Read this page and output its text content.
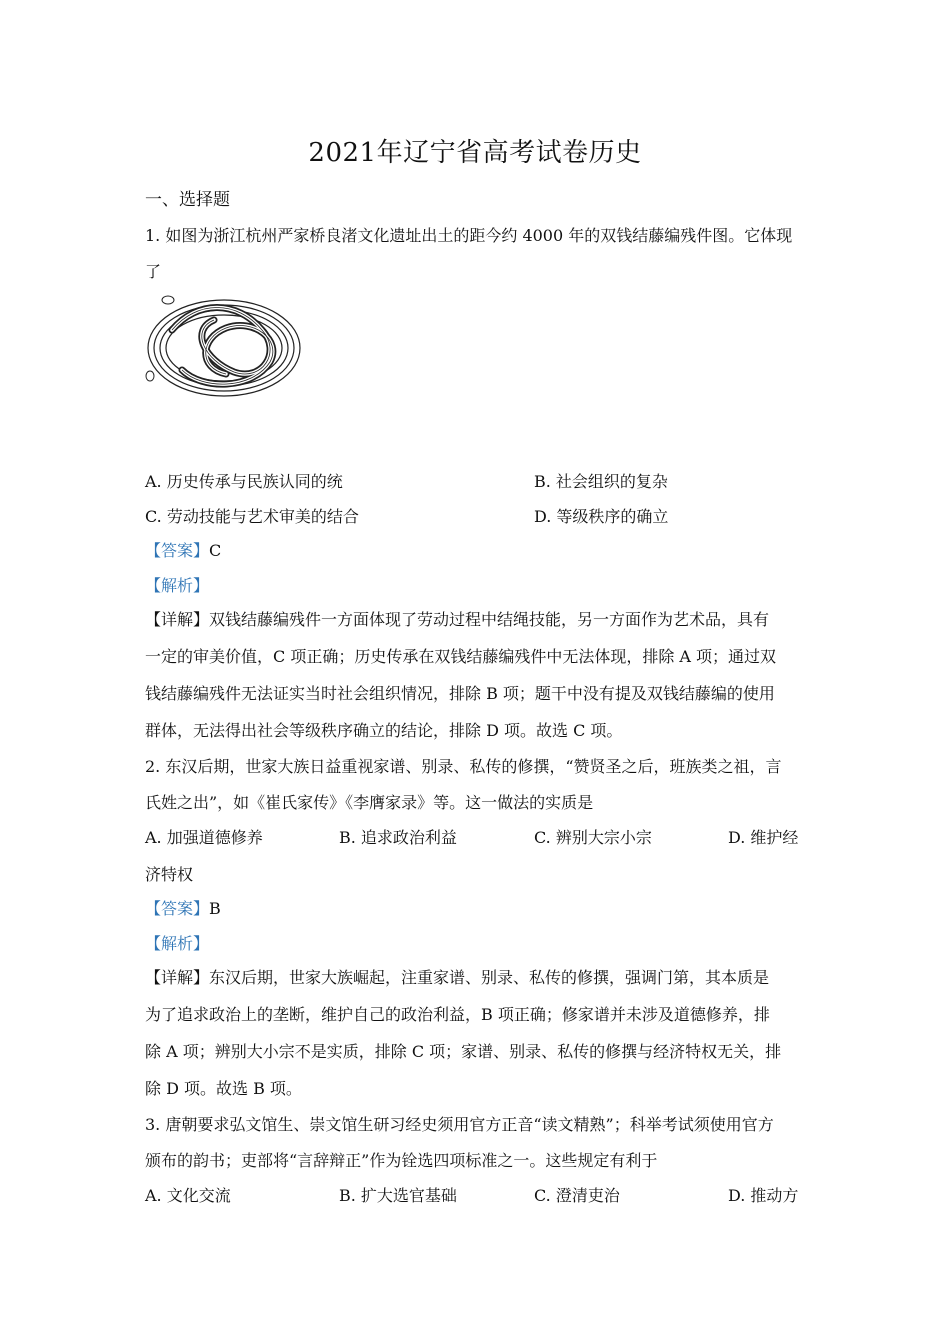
2021年辽宁省高考试卷历史
一、选择题
1. 如图为浙江杭州严家桥良渚文化遗址出土的距今约 4000 年的双钱结藤编残件图。它体现
了
A. 历史传承与民族认同的统	B. 社会组织的复杂
C. 劳动技能与艺术审美的结合	D. 等级秩序的确立
【答案】C
【解析】
【详解】双钱结藤编残件一方面体现了劳动过程中结绳技能，另一方面作为艺术品，具有
一定的审美价值，C 项正确；历史传承在双钱结藤编残件中无法体现，排除 A 项；通过双
钱结藤编残件无法证实当时社会组织情况，排除 B 项；题干中没有提及双钱结藤编的使用
群体，无法得出社会等级秩序确立的结论，排除 D 项。故选 C 项。
2. 东汉后期，世家大族日益重视家谱、别录、私传的修撰，“赞贤圣之后，班族类之祖，言
氏姓之出”，如《崔氏家传》《李膺家录》等。这一做法的实质是
A. 加强道德修养	B. 追求政治利益	C. 辨别大宗小宗	D. 维护经
济特权
【答案】B
【解析】
【详解】东汉后期，世家大族崛起，注重家谱、别录、私传的修撰，强调门第，其本质是
为了追求政治上的垄断，维护自己的政治利益，B 项正确；修家谱并未涉及道德修养，排
除 A 项；辨别大小宗不是实质，排除 C 项；家谱、别录、私传的修撰与经济特权无关，排
除 D 项。故选 B 项。
3. 唐朝要求弘文馆生、崇文馆生研习经史须用官方正音“读文精熟”；科举考试须使用官方
颁布的韵书；吏部将“言辞辩正”作为铨选四项标准之一。这些规定有利于
A. 文化交流	B. 扩大选官基础	C. 澄清吏治	D. 推动方
